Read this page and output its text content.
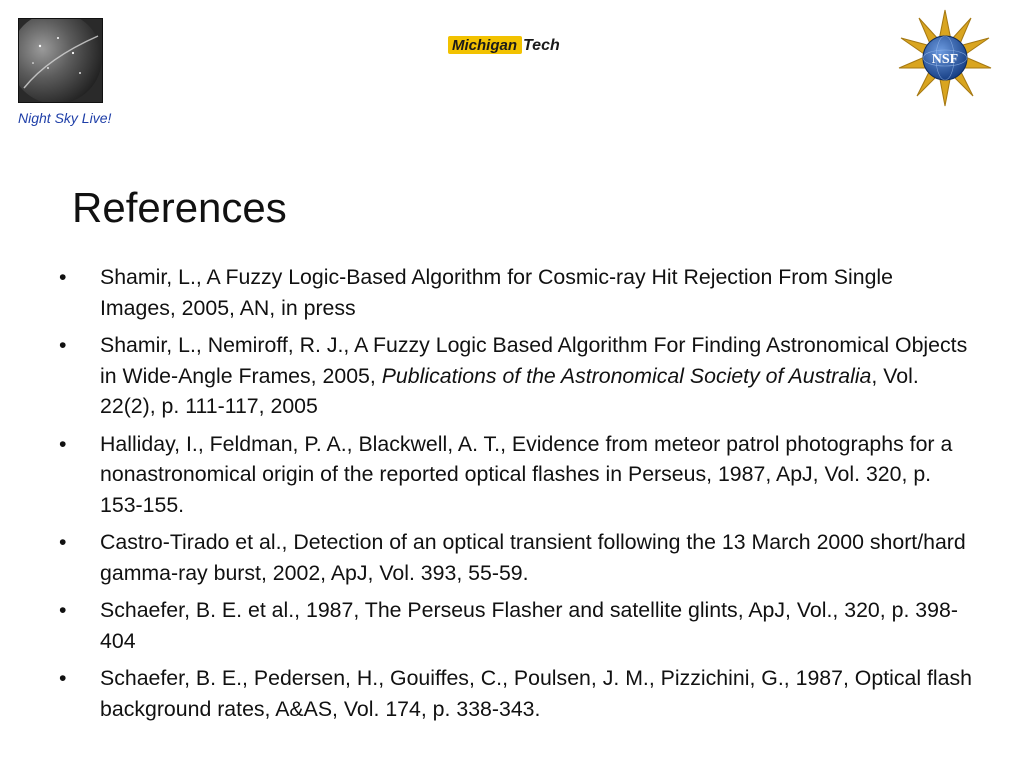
Night Sky Live!
Michigan Tech
NSF
References
• Shamir, L., A Fuzzy Logic-Based Algorithm for Cosmic-ray Hit Rejection From Single Images, 2005, AN, in press
• Shamir, L., Nemiroff, R. J., A Fuzzy Logic Based Algorithm For Finding Astronomical Objects in Wide-Angle Frames, 2005, Publications of the Astronomical Society of Australia, Vol. 22(2), p. 111-117, 2005
• Halliday, I., Feldman, P. A., Blackwell, A. T., Evidence from meteor patrol photographs for a nonastronomical origin of the reported optical flashes in Perseus, 1987, ApJ, Vol. 320, p. 153-155.
• Castro-Tirado et al., Detection of an optical transient following the 13 March 2000 short/hard gamma-ray burst, 2002, ApJ, Vol. 393, 55-59.
• Schaefer, B. E. et al., 1987, The Perseus Flasher and satellite glints, ApJ, Vol., 320, p. 398-404
• Schaefer, B. E., Pedersen, H., Gouiffes, C., Poulsen, J. M., Pizzichini, G., 1987, Optical flash background rates, A&AS, Vol. 174, p. 338-343.
